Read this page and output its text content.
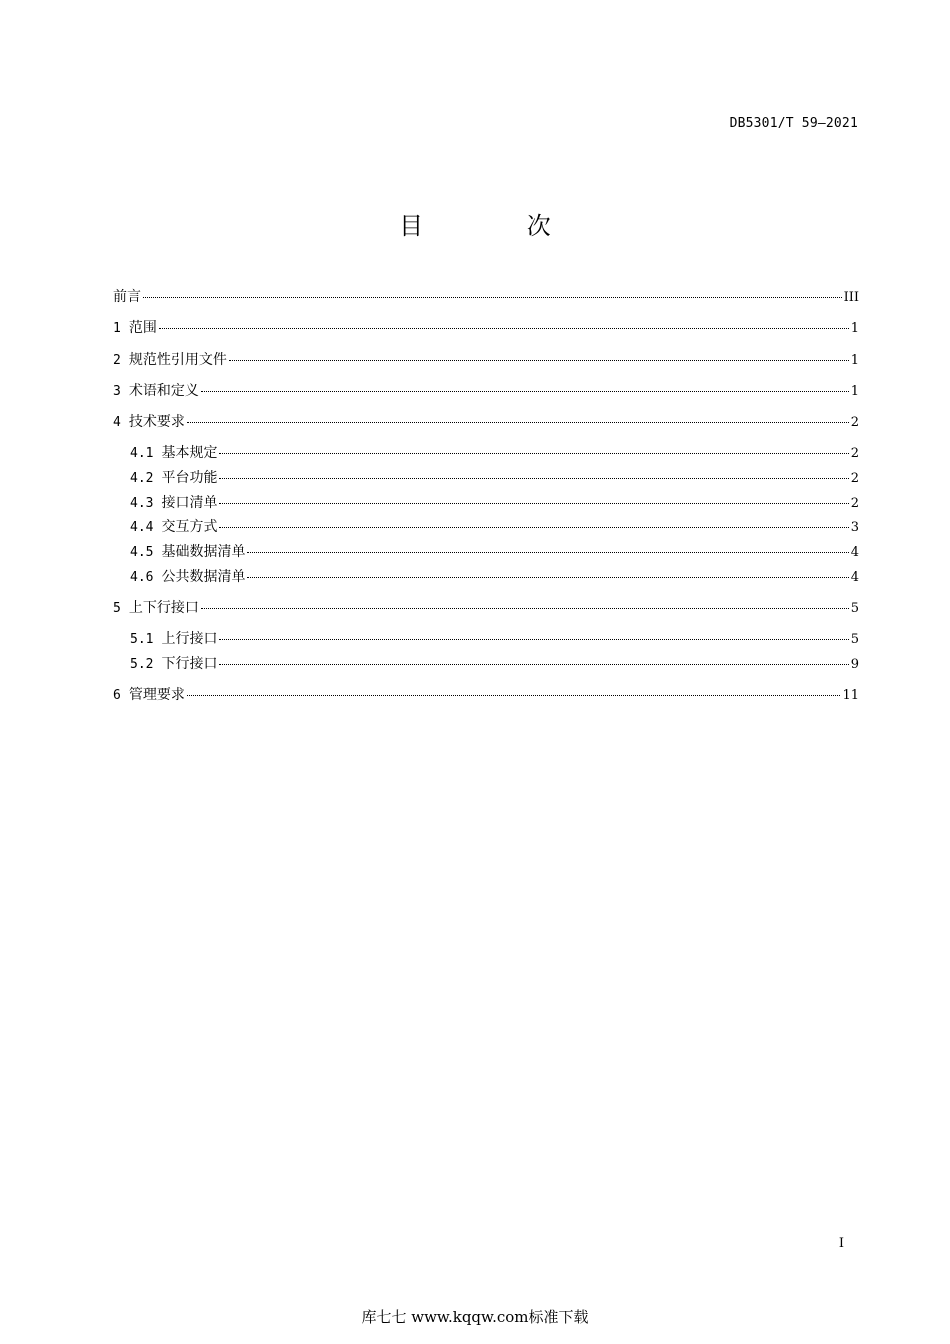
DB5301/T 59—2021
目 次
前言	III
1 范围	1
2 规范性引用文件	1
3 术语和定义	1
4 技术要求	2
4.1 基本规定	2
4.2 平台功能	2
4.3 接口清单	2
4.4 交互方式	3
4.5 基础数据清单	4
4.6 公共数据清单	4
5 上下行接口	5
5.1 上行接口	5
5.2 下行接口	9
6 管理要求	11
I
库七七 www.kqqw.com标准下载
